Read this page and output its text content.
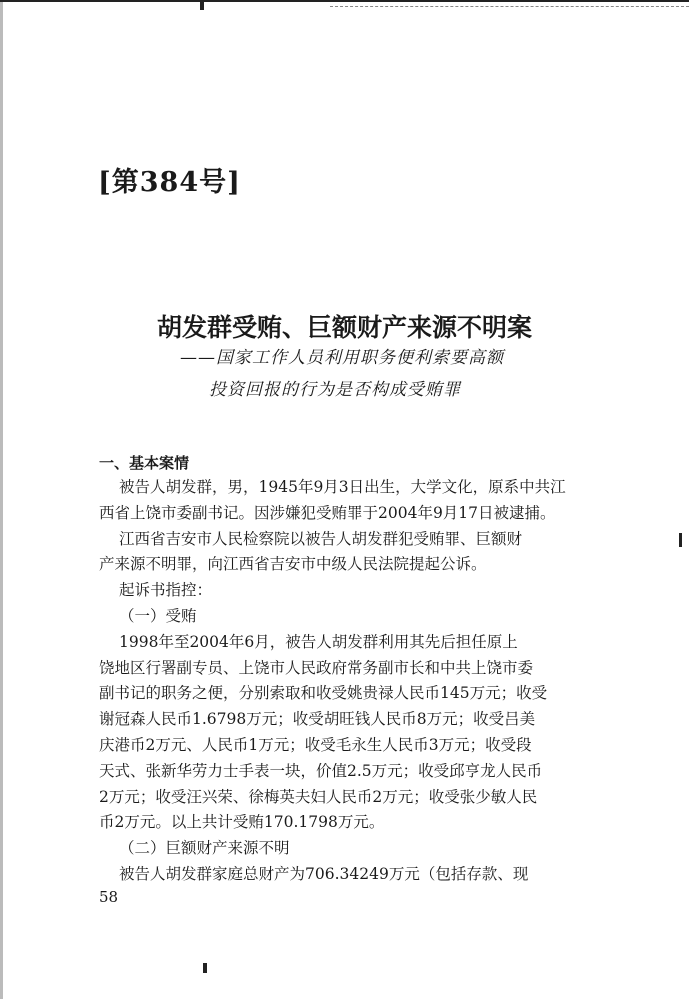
[第384号]
胡发群受贿、巨额财产来源不明案
——国家工作人员利用职务便利索要高额
投资回报的行为是否构成受贿罪
一、基本案情
被告人胡发群，男，1945年9月3日出生，大学文化，原系中共江
西省上饶市委副书记。因涉嫌犯受贿罪于2004年9月17日被逮捕。
江西省吉安市人民检察院以被告人胡发群犯受贿罪、巨额财
产来源不明罪，向江西省吉安市中级人民法院提起公诉。
起诉书指控：
（一）受贿
1998年至2004年6月，被告人胡发群利用其先后担任原上
饶地区行署副专员、上饶市人民政府常务副市长和中共上饶市委
副书记的职务之便，分别索取和收受姚贵禄人民币145万元；收受
谢冠森人民币1.6798万元；收受胡旺钱人民币8万元；收受吕美
庆港币2万元、人民币1万元；收受毛永生人民币3万元；收受段
天式、张新华劳力士手表一块，价值2.5万元；收受邱亨龙人民币
2万元；收受汪兴荣、徐梅英夫妇人民币2万元；收受张少敏人民
币2万元。以上共计受贿170.1798万元。
（二）巨额财产来源不明
被告人胡发群家庭总财产为706.34249万元（包括存款、现
58
